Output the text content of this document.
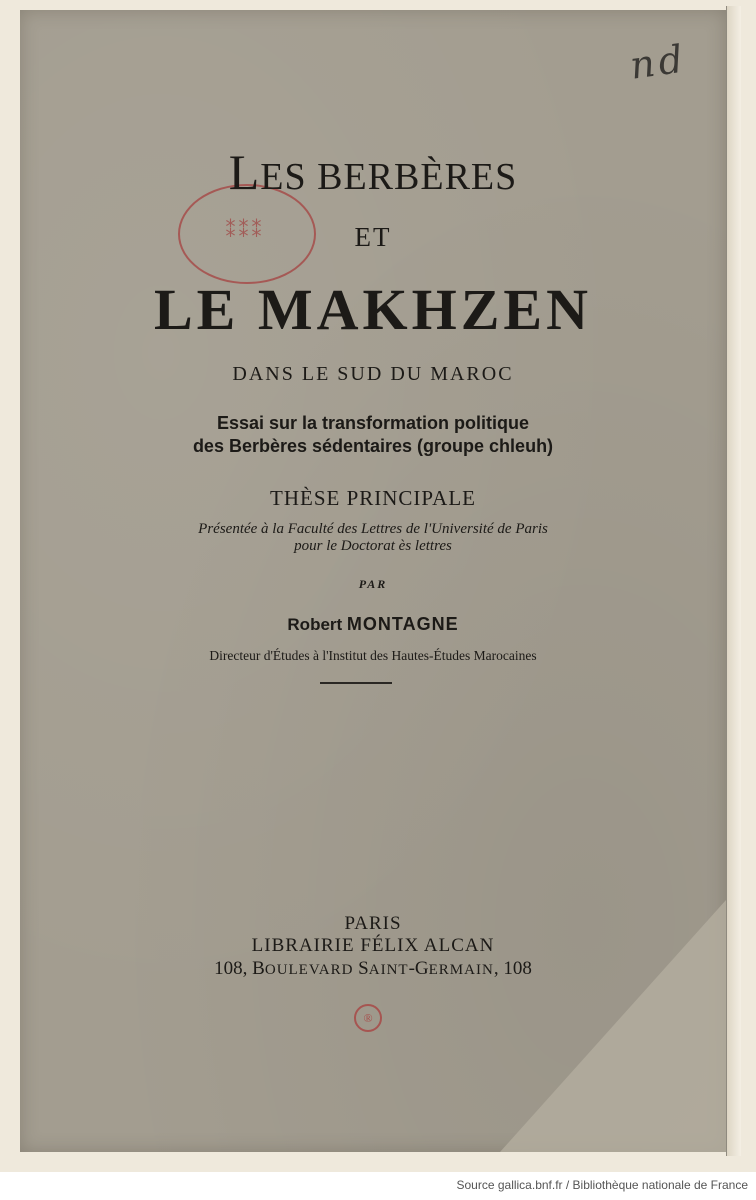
nd
⁑⁑⁑
LES BERBÈRES
ET
LE MAKHZEN
DANS LE SUD DU MAROC
Essai sur la transformation politique
des Berbères sédentaires (groupe chleuh)
THÈSE PRINCIPALE
Présentée à la Faculté des Lettres de l'Université de Paris
pour le Doctorat ès lettres
PAR
Robert MONTAGNE
Directeur d'Études à l'Institut des Hautes-Études Marocaines
PARIS
LIBRAIRIE FÉLIX ALCAN
108, BOULEVARD SAINT-GERMAIN, 108
®
Source gallica.bnf.fr / Bibliothèque nationale de France
